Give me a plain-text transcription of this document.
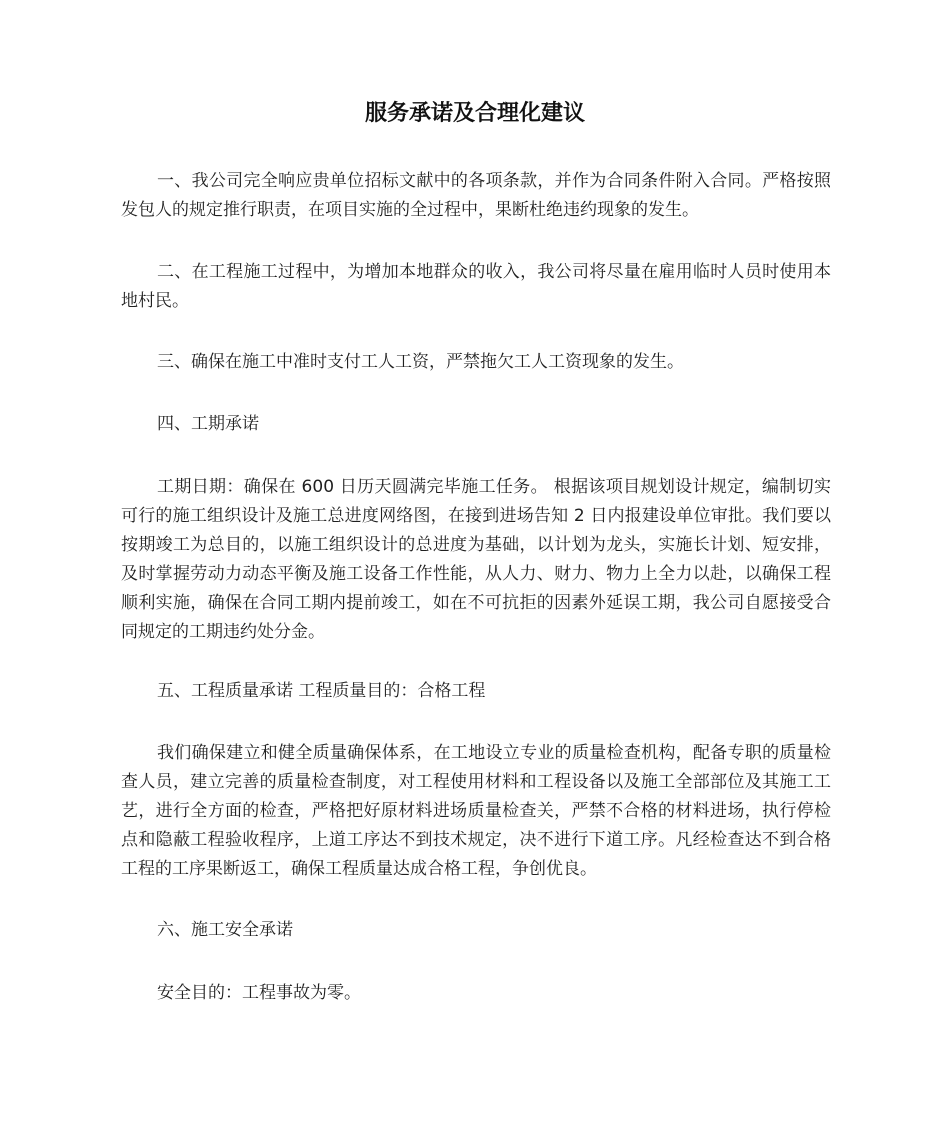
服务承诺及合理化建议

一、我公司完全响应贵单位招标文献中的各项条款，并作为合同条件附入合同。严格按照发包人的规定推行职责，在项目实施的全过程中，果断杜绝违约现象的发生。

二、在工程施工过程中，为增加本地群众的收入，我公司将尽量在雇用临时人员时使用本地村民。

三、确保在施工中准时支付工人工资，严禁拖欠工人工资现象的发生。

四、工期承诺

工期日期：确保在 600 日历天圆满完毕施工任务。 根据该项目规划设计规定，编制切实可行的施工组织设计及施工总进度网络图，在接到进场告知 2 日内报建设单位审批。我们要以按期竣工为总目的，以施工组织设计的总进度为基础，以计划为龙头，实施长计划、短安排，及时掌握劳动力动态平衡及施工设备工作性能，从人力、财力、物力上全力以赴，以确保工程顺利实施，确保在合同工期内提前竣工，如在不可抗拒的因素外延误工期，我公司自愿接受合同规定的工期违约处分金。

五、工程质量承诺 工程质量目的：合格工程

我们确保建立和健全质量确保体系，在工地设立专业的质量检查机构，配备专职的质量检查人员，建立完善的质量检查制度，对工程使用材料和工程设备以及施工全部部位及其施工工艺，进行全方面的检查，严格把好原材料进场质量检查关，严禁不合格的材料进场，执行停检点和隐蔽工程验收程序，上道工序达不到技术规定，决不进行下道工序。凡经检查达不到合格工程的工序果断返工，确保工程质量达成合格工程，争创优良。

六、施工安全承诺

安全目的：工程事故为零。
